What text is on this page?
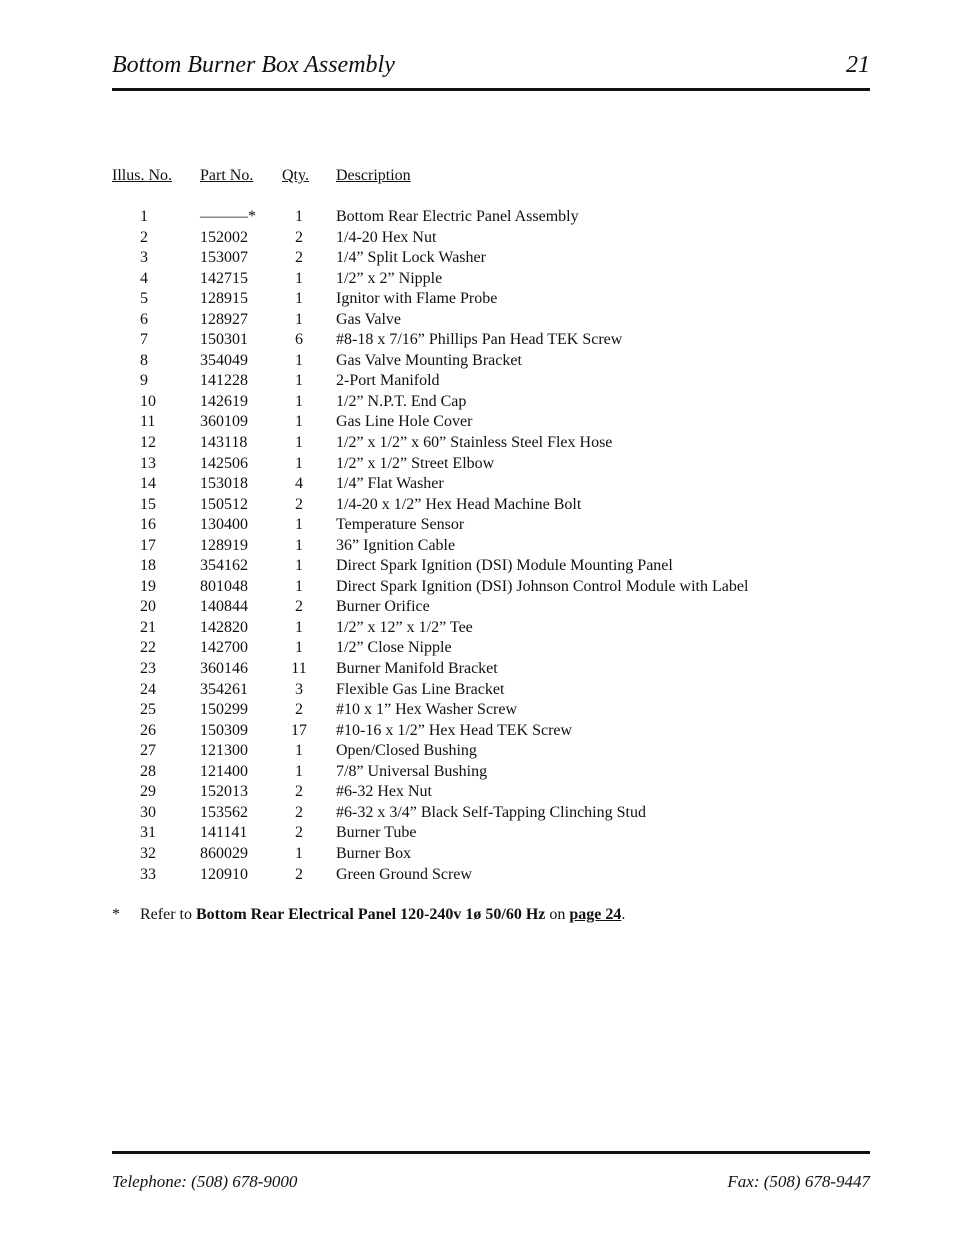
Bottom Burner Box Assembly	21
Illus. No.	Part No. Qty. Description
1	———*	1	Bottom Rear Electric Panel Assembly
2	152002	2	1/4-20 Hex Nut
3	153007	2	1/4” Split Lock Washer
4	142715	1	1/2” x 2” Nipple
5	128915	1	Ignitor with Flame Probe
6	128927	1	Gas Valve
7	150301	6	#8-18 x 7/16” Phillips Pan Head TEK Screw
8	354049	1	Gas Valve Mounting Bracket
9	141228	1	2-Port Manifold
10	142619	1	1/2” N.P.T. End Cap
11	360109	1	Gas Line Hole Cover
12	143118	1	1/2” x 1/2” x 60” Stainless Steel Flex Hose
13	142506	1	1/2” x 1/2” Street Elbow
14	153018	4	1/4” Flat Washer
15	150512	2	1/4-20 x 1/2” Hex Head Machine Bolt
16	130400	1	Temperature Sensor
17	128919	1	36” Ignition Cable
18	354162	1	Direct Spark Ignition (DSI) Module Mounting Panel
19	801048	1	Direct Spark Ignition (DSI) Johnson Control Module with Label
20	140844	2	Burner Orifice
21	142820	1	1/2” x 12” x 1/2” Tee
22	142700	1	1/2” Close Nipple
23	360146	11 Burner Manifold Bracket
24	354261	3	Flexible Gas Line Bracket
25	150299	2	#10 x 1” Hex Washer Screw
26	150309	17 #10-16 x 1/2” Hex Head TEK Screw
27	121300	1	Open/Closed Bushing
28	121400	1	7/8” Universal Bushing
29	152013	2	#6-32 Hex Nut
30	153562	2	#6-32 x 3/4” Black Self-Tapping Clinching Stud
31	141141	2	Burner Tube
32	860029	1	Burner Box
33	120910	2	Green Ground Screw
* Refer to Bottom Rear Electrical Panel 120-240v 1ø 50/60 Hz on page 24.
Telephone: (508) 678-9000	Fax: (508) 678-9447
